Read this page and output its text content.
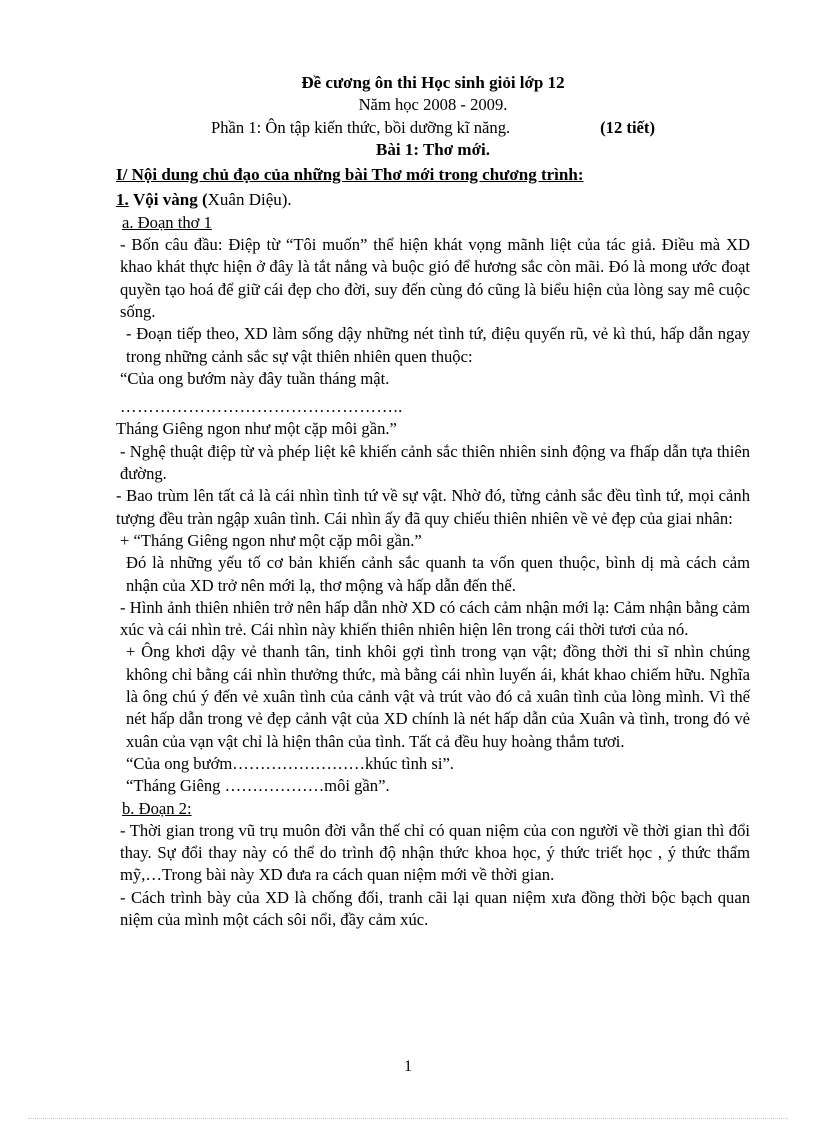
Đề cương ôn thi Học sinh giỏi lớp 12
Năm học 2008 - 2009.
Phần 1: Ôn tập kiến thức, bồi dưỡng kĩ năng.	(12 tiết)
Bài 1: Thơ mới.
I/ Nội dung chủ đạo của những bài Thơ mới trong chương trình:
1. Vội vàng (Xuân Diệu).
a. Đoạn thơ 1

- Bốn câu đầu: Điệp từ “Tôi muốn” thể hiện khát vọng mãnh liệt của tác giả. Điều mà XD khao khát thực hiện ở đây là tắt nắng và buộc gió để hương sắc còn mãi. Đó là mong ước đoạt quyền tạo hoá để giữ cái đẹp cho đời, suy đến cùng đó cũng là biểu hiện của lòng say mê cuộc sống.

- Đoạn tiếp theo, XD làm sống dậy những nét tình tứ, điệu quyến rũ, vẻ kì thú, hấp dẫn ngay trong những cảnh sắc sự vật thiên nhiên quen thuộc:

“Của ong bướm này đây tuần tháng mật.

…………………………………………..

Tháng Giêng ngon như một cặp môi gần.”

- Nghệ thuật điệp từ và phép liệt kê khiến cảnh sắc thiên nhiên sinh động va fhấp dẫn tựa thiên đường.

- Bao trùm lên tất cả là cái nhìn tình tứ về sự vật. Nhờ đó, từng cảnh sắc đều tình tứ, mọi cảnh tượng đều tràn ngập xuân tình. Cái nhìn ấy đã quy chiếu thiên nhiên về vẻ đẹp của giai nhân:

+ “Tháng Giêng ngon như một cặp môi gần.”

Đó là những yếu tố cơ bản khiến cảnh sắc quanh ta vốn quen thuộc, bình dị mà cách cảm nhận của XD trở nên mới lạ, thơ mộng và hấp dẫn đến thế.

- Hình ảnh thiên nhiên trở nên hấp dẫn nhờ XD có cách cảm nhận mới lạ: Cảm nhận bằng cảm xúc và cái nhìn trẻ. Cái nhìn này khiến thiên nhiên hiện lên trong cái thời tươi của nó.

+ Ông khơi dậy vẻ thanh tân, tinh khôi gợi tình trong vạn vật; đồng thời thi sĩ nhìn chúng không chỉ bằng cái nhìn thưởng thức, mà bằng cái nhìn luyến ái, khát khao chiếm hữu. Nghĩa là ông chú ý đến vẻ xuân tình của cảnh vật và trút vào đó cả xuân tình của lòng mình. Vì thế nét hấp dẫn trong vẻ đẹp cảnh vật của XD chính là nét hấp dẫn của Xuân và tình, trong đó vẻ xuân của vạn vật chỉ là hiện thân của tình. Tất cả đều huy hoàng thắm tươi.

“Của ong bướm……………………khúc tình si”.

“Tháng Giêng ………………môi gần”.

b. Đoạn 2:

- Thời gian trong vũ trụ muôn đời vẫn thế chỉ có quan niệm của con người về thời gian thì đổi thay. Sự đổi thay này có thể do trình độ nhận thức khoa học, ý thức triết học , ý thức thẩm mỹ,…Trong bài này XD đưa ra cách quan niệm mới về thời gian.

- Cách trình bày của XD là chống đối, tranh cãi lại quan niệm xưa đồng thời bộc bạch quan niệm của mình một cách sôi nổi, đầy cảm xúc.

1
